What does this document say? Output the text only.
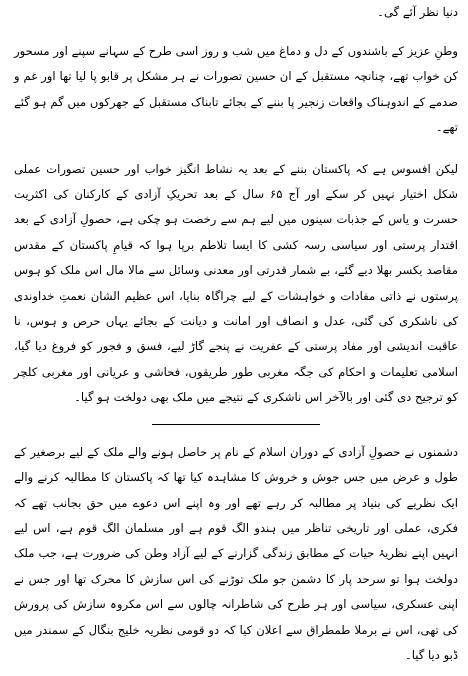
دنیا نظر آئے گی۔

وطنِ عزیز کے باشندوں کے دل و دماغ میں شب و روز اسی طرح کے سہانے سپنے اور مسحور کن خواب تھے، چنانچہ مستقبل کے ان حسین تصورات نے ہر مشکل پر قابو پا لیا تھا اور غم و صدمے کے اندوہناک واقعات زنجیر پا بننے کے بجائے تابناک مستقبل کے جھرکوں میں گم ہو گئے تھے۔

لیکن افسوس ہے کہ پاکستان بننے کے بعد یہ نشاط انگیز خواب اور حسین تصورات عملی شکل اختیار نہیں کر سکے اور آج ۶۵ سال کے بعد تحریکِ آزادی کے کارکنان کی اکثریت حسرت و یاس کے جذبات سینوں میں لیے ہم سے رخصت ہو چکی ہے، حصولِ آزادی کے بعد اقتدار پرستی اور سیاسی رسہ کشی کا ایسا تلاطم برپا ہوا کہ قیامِ پاکستان کے مقدس مقاصد یکسر بھلا دیے گئے، بے شمار قدرتی اور معدنی وسائل سے مالا مال اس ملک کو ہوس پرستوں نے ذاتی مفادات و خواہشات کے لیے چراگاہ بنایا، اس عظیم الشان نعمتِ خداوندی کی ناشکری کی گئی، عدل و انصاف اور امانت و دیانت کے بجائے یہاں حرص و ہوس، نا عاقبت اندیشی اور مفاد پرستی کے عفریت نے پنجے گاڑ لیے، فسق و فجور کو فروغ دیا گیا، اسلامی تعلیمات و احکام کی جگہ مغربی طور طریقوں، فحاشی و عریانی اور مغربی کلچر کو ترجیح دی گئی اور بالآخر اس ناشکری کے نتیجے میں ملک بھی دولخت ہو گیا۔

دشمنوں نے حصولِ آزادی کے دوران اسلام کے نام پر حاصل ہونے والے ملک کے لیے برصغیر کے طول و عرض میں جس جوش و خروش کا مشاہدہ کیا تھا کہ پاکستان کا مطالبہ کرنے والے ایک نظریے کی بنیاد پر مطالبہ کر رہے تھے اور وہ اپنے اس دعوے میں حق بجانب تھے کہ فکری، عملی اور تاریخی تناظر میں ہندو الگ قوم ہے اور مسلمان الگ قوم ہے، اس لیے انہیں اپنے نظریۂ حیات کے مطابق زندگی گزارنے کے لیے آزاد وطن کی ضرورت ہے، جب ملک دولخت ہوا تو سرحد پار کا دشمن جو ملک توڑنے کی اس سازش کا محرک تھا اور جس نے اپنی عسکری، سیاسی اور ہر طرح کی شاطرانہ چالوں سے اس مکروہ سازش کی پرورش کی تھی، اس نے برملا طمطراق سے اعلان کیا کہ دو قومی نظریہ خلیج بنگال کے سمندر میں ڈبو دیا گیا۔
